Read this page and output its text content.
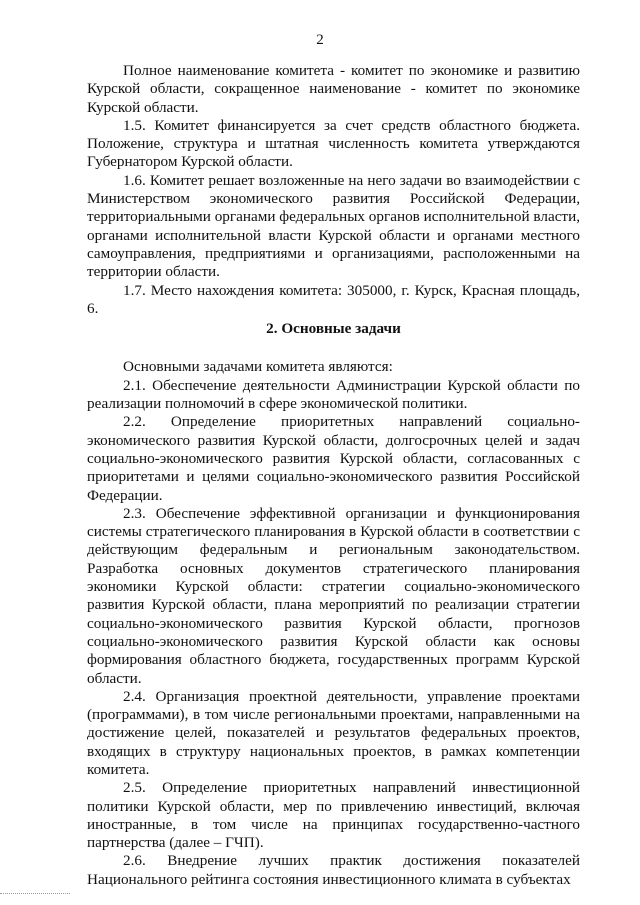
2

Полное наименование комитета - комитет по экономике и развитию Курской области, сокращенное наименование - комитет по экономике Курской области.

1.5. Комитет финансируется за счет средств областного бюджета. Положение, структура и штатная численность комитета утверждаются Губернатором Курской области.

1.6. Комитет решает возложенные на него задачи во взаимодействии с Министерством экономического развития Российской Федерации, территориальными органами федеральных органов исполнительной власти, органами исполнительной власти Курской области и органами местного самоуправления, предприятиями и организациями, расположенными на территории области.

1.7. Место нахождения комитета: 305000, г. Курск, Красная площадь, 6.

2. Основные задачи

Основными задачами комитета являются:

2.1. Обеспечение деятельности Администрации Курской области по реализации полномочий в сфере экономической политики.

2.2. Определение приоритетных направлений социально-экономического развития Курской области, долгосрочных целей и задач социально-экономического развития Курской области, согласованных с приоритетами и целями социально-экономического развития Российской Федерации.

2.3. Обеспечение эффективной организации и функционирования системы стратегического планирования в Курской области в соответствии с действующим федеральным и региональным законодательством. Разработка основных документов стратегического планирования экономики Курской области: стратегии социально-экономического развития Курской области, плана мероприятий по реализации стратегии социально-экономического развития Курской области, прогнозов социально-экономического развития Курской области как основы формирования областного бюджета, государственных программ Курской области.

2.4. Организация проектной деятельности, управление проектами (программами), в том числе региональными проектами, направленными на достижение целей, показателей и результатов федеральных проектов, входящих в структуру национальных проектов, в рамках компетенции комитета.

2.5. Определение приоритетных направлений инвестиционной политики Курской области, мер по привлечению инвестиций, включая иностранные, в том числе на принципах государственно-частного партнерства (далее – ГЧП).

2.6. Внедрение лучших практик достижения показателей Национального рейтинга состояния инвестиционного климата в субъектах
